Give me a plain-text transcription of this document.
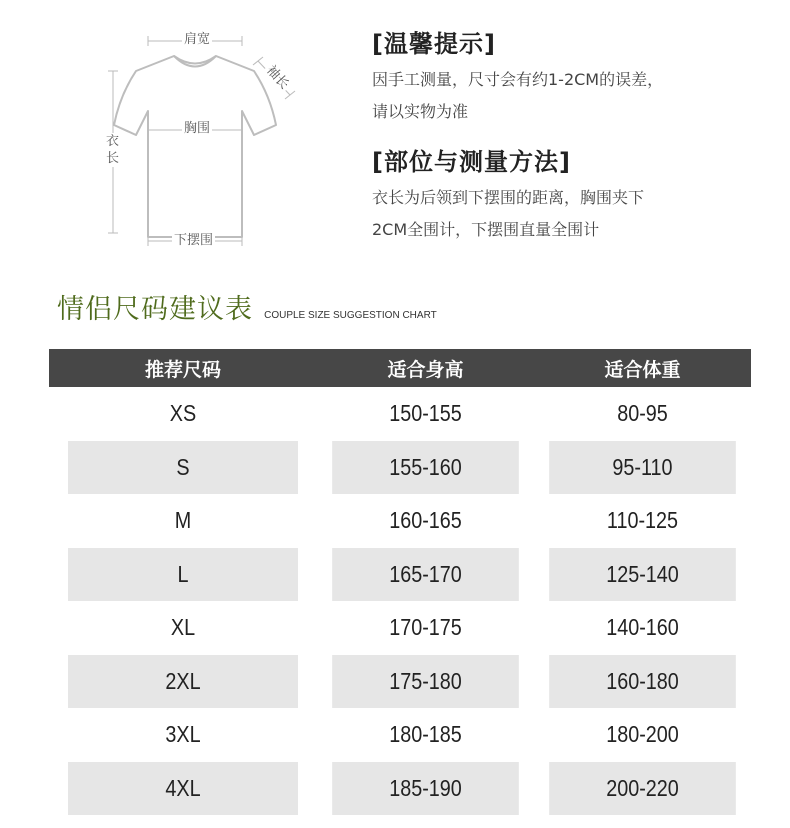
肩宽
袖长
胸围
衣长
下摆围
[温馨提示]

因手工测量，尺寸会有约1-2CM的误差，
请以实物为准

[部位与测量方法]

衣长为后领到下摆围的距离，胸围夹下
2CM全围计，下摆围直量全围计

情侣尺码建议表 COUPLE SIZE SUGGESTION CHART
推荐尺码	适合身高	适合体重
XS	150-155	80-95
S	155-160	95-110
M	160-165	110-125
L	165-170	125-140
XL	170-175	140-160
2XL	175-180	160-180
3XL	180-185	180-200
4XL	185-190	200-220
